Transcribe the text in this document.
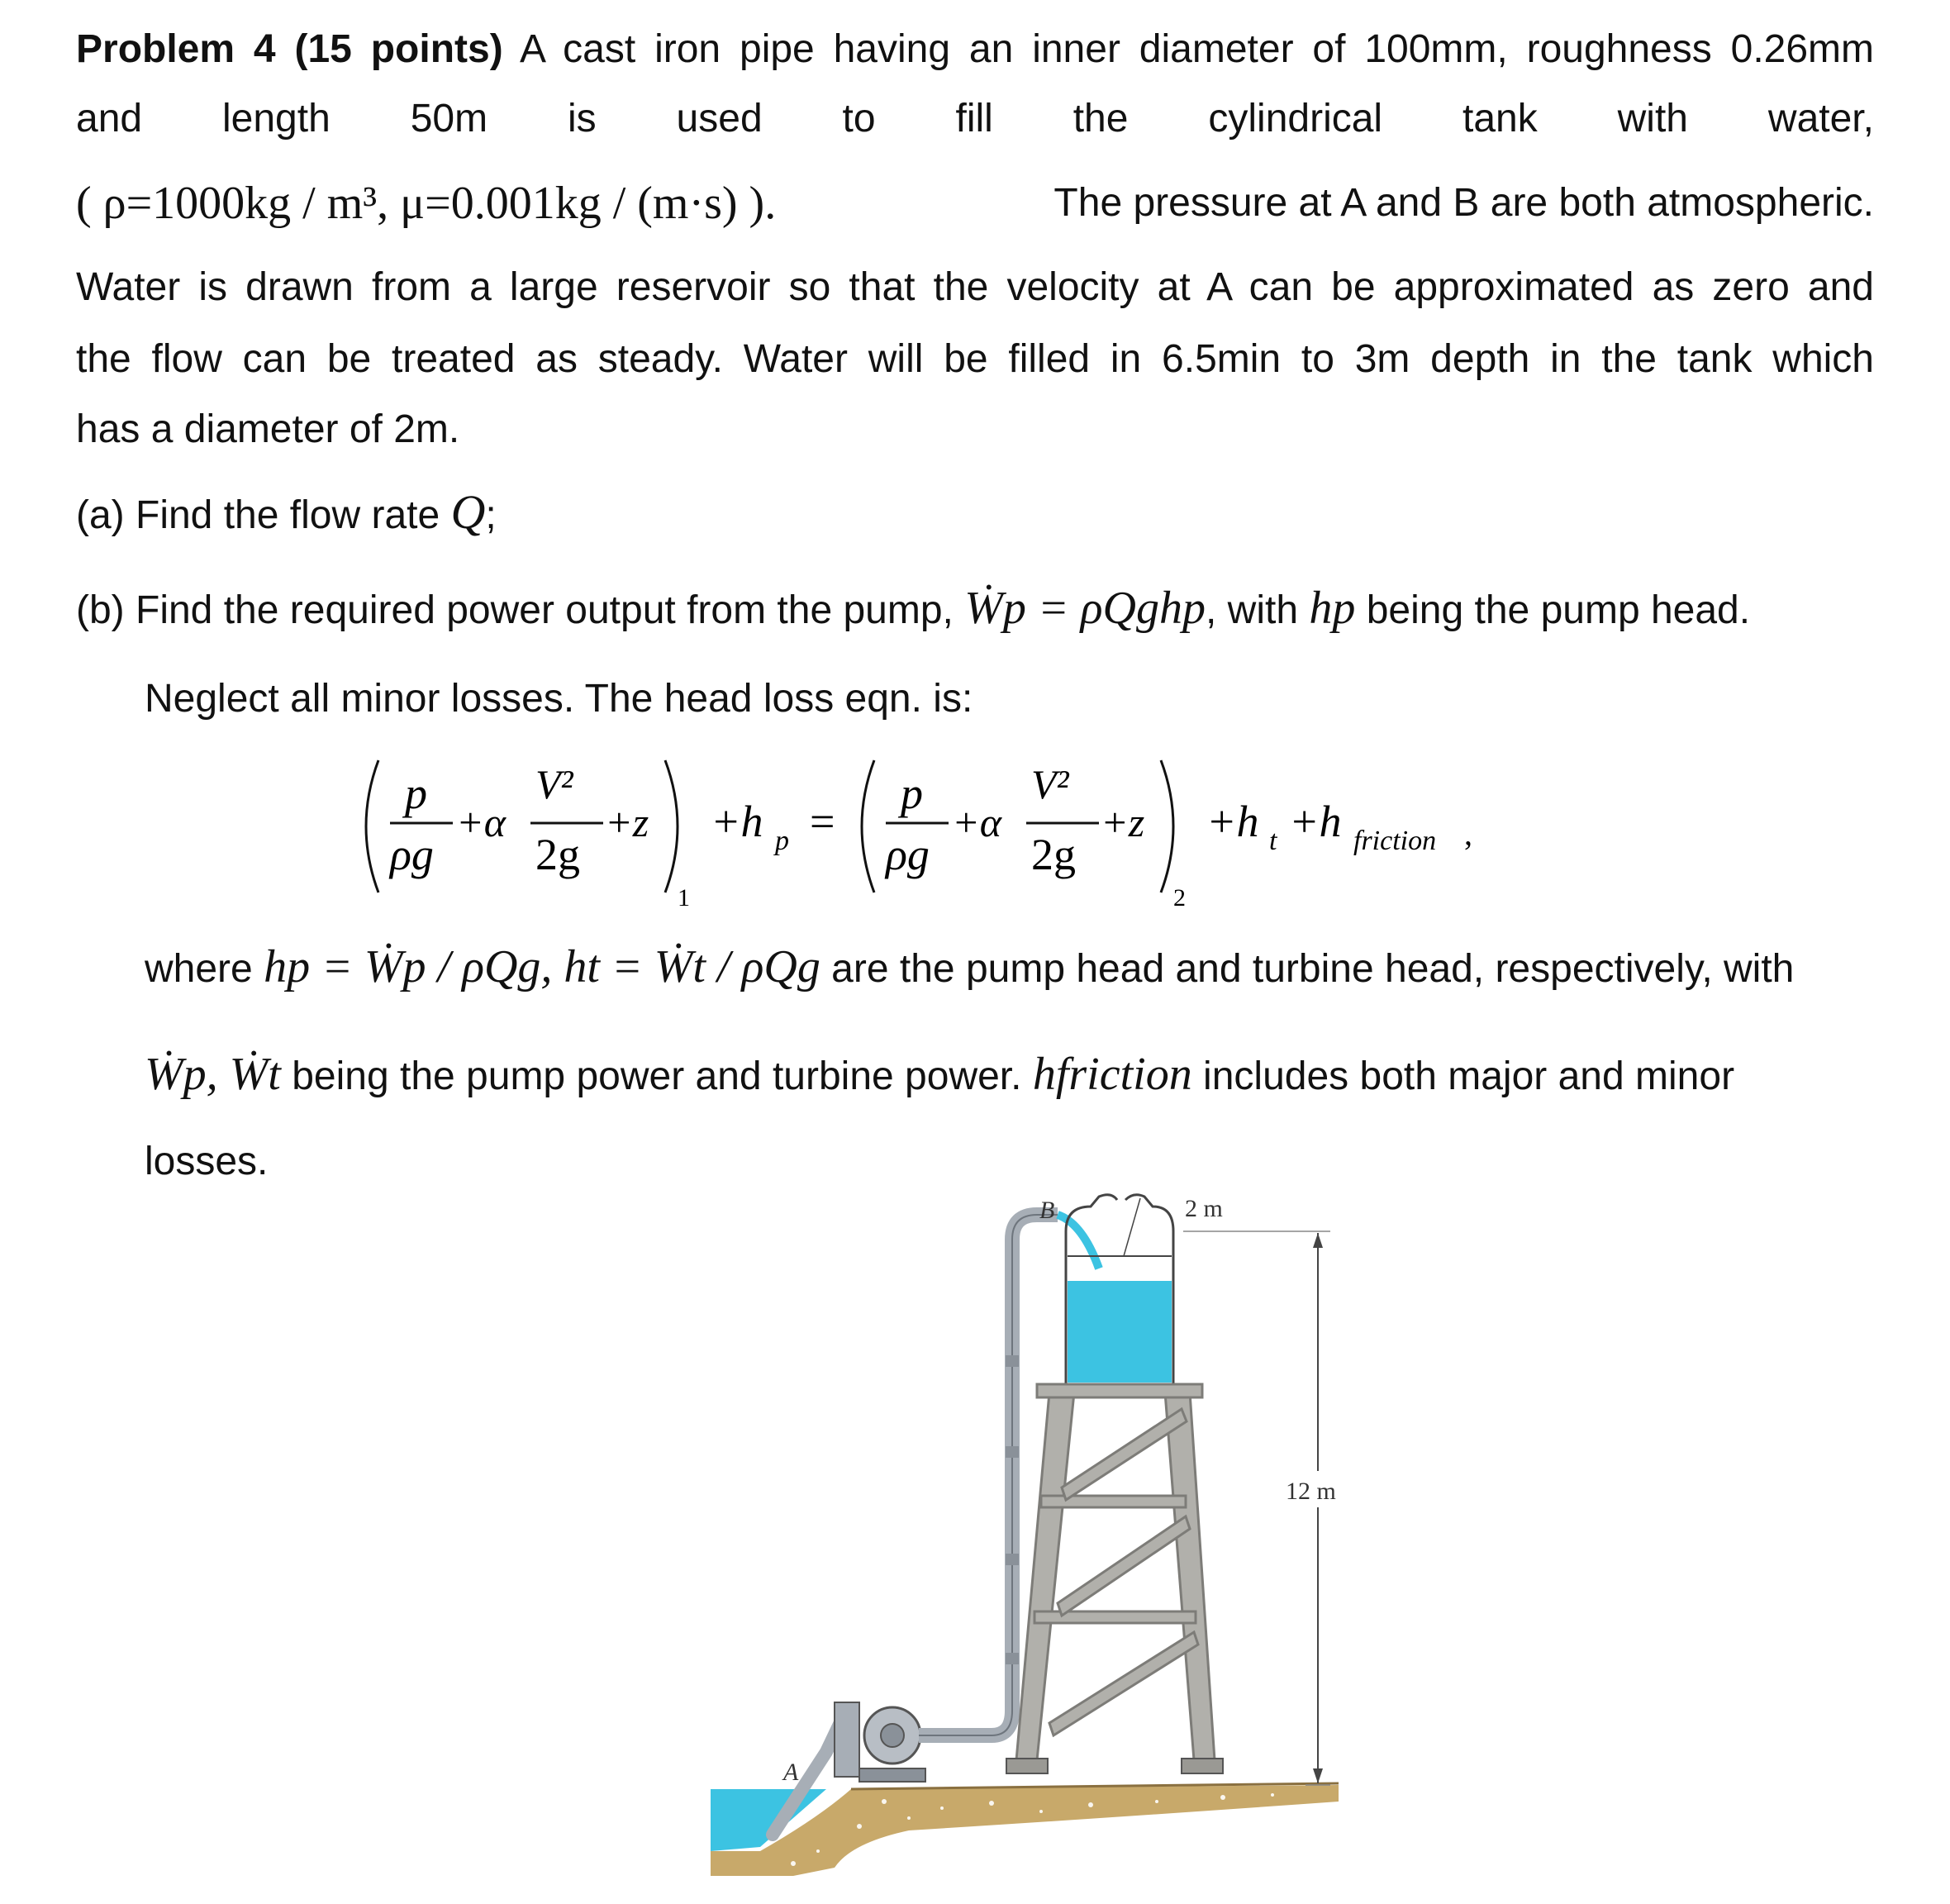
Problem 4 (15 points) A cast iron pipe having an inner diameter of 100mm, roughness 0.26mm
and length 50m is used to fill the cylindrical tank with water,
( ρ=1000kg / m³, μ=0.001kg / (m·s) ).	The pressure at A and B are both atmospheric.
Water is drawn from a large reservoir so that the velocity at A can be approximated as zero and
the flow can be treated as steady. Water will be filled in 6.5min to 3m depth in the tank which
has a diameter of 2m.
(a) Find the flow rate Q;
(b) Find the required power output from the pump, Ẇp = ρQghp, with hp being the pump head.
Neglect all minor losses. The head loss eqn. is:
p
ρg
+α
V²
2g
+z
1
+h p =
p
ρg
+α
V²
2g
+z
2
+h t +h friction ,
where hp = Ẇp / ρQg, ht = Ẇt / ρQg are the pump head and turbine head, respectively, with
Ẇp, Ẇt being the pump power and turbine power. hfriction includes both major and minor
losses.
2 m
B
12 m
A
